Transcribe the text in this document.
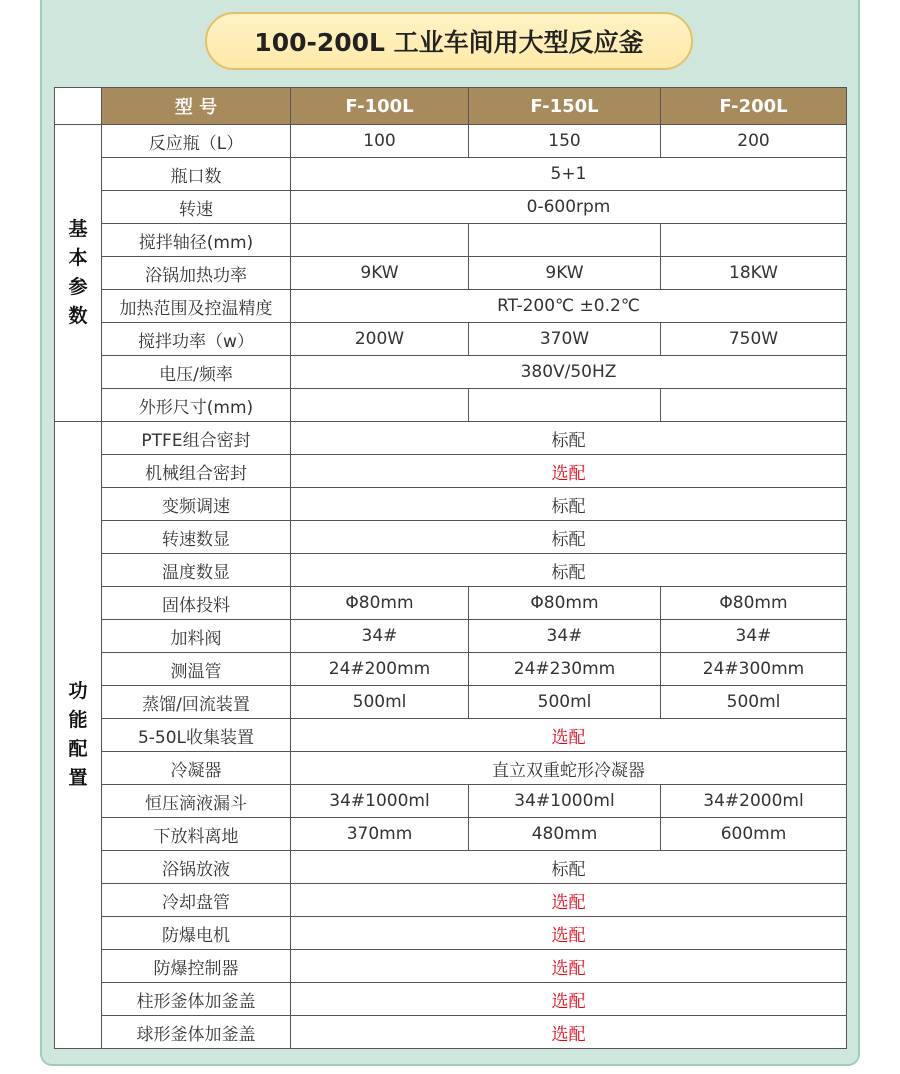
100-200L 工业车间用大型反应釜
	型 号	F-100L	F-150L	F-200L

基
本
参
数	反应瓶（L）	100	150	200
	瓶口数	5+1		
	转速	0-600rpm		
	搅拌轴径(mm)			
	浴锅加热功率	9KW	9KW	18KW
	加热范围及控温精度	RT-200℃ ±0.2℃		
	搅拌功率（w）	200W	370W	750W
	电压/频率	380V/50HZ		
	外形尺寸(mm)			

功
能
配
置	PTFE组合密封	标配		
	机械组合密封	选配		
	变频调速	标配		
	转速数显	标配		
	温度数显	标配		
	固体投料	Φ80mm	Φ80mm	Φ80mm
	加料阀	34#	34#	34#
	测温管	24#200mm	24#230mm	24#300mm
	蒸馏/回流装置	500ml	500ml	500ml
	5-50L收集装置	选配		
	冷凝器	直立双重蛇形冷凝器		
	恒压滴液漏斗	34#1000ml	34#1000ml	34#2000ml
	下放料离地	370mm	480mm	600mm
	浴锅放液	标配		
	冷却盘管	选配		
	防爆电机	选配		
	防爆控制器	选配		
	柱形釜体加釜盖	选配		
	球形釜体加釜盖	选配		
